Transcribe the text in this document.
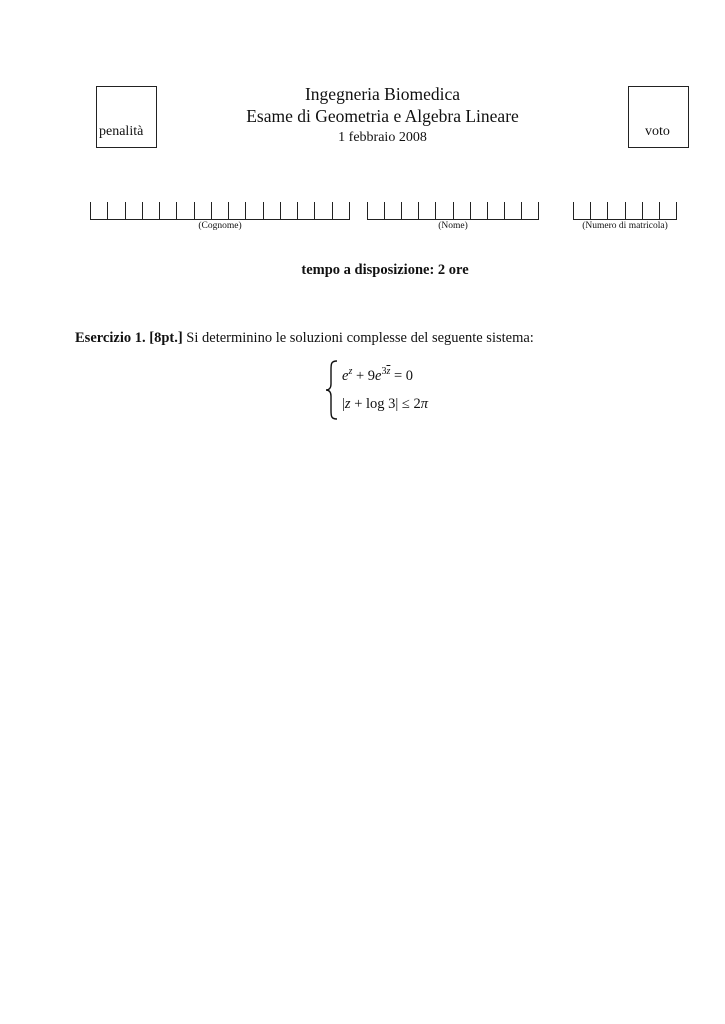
penalità	voto
Ingegneria Biomedica
Esame di Geometria e Algebra Lineare
1 febbraio 2008
(Cognome)	(Nome)	(Numero di matricola)
tempo a disposizione: 2 ore
Esercizio 1. [8pt.] Si determinino le soluzioni complesse del seguente sistema:
$e^z + 9e^{3\overline{z}} = 0$
|z + log 3| ≤ 2π
